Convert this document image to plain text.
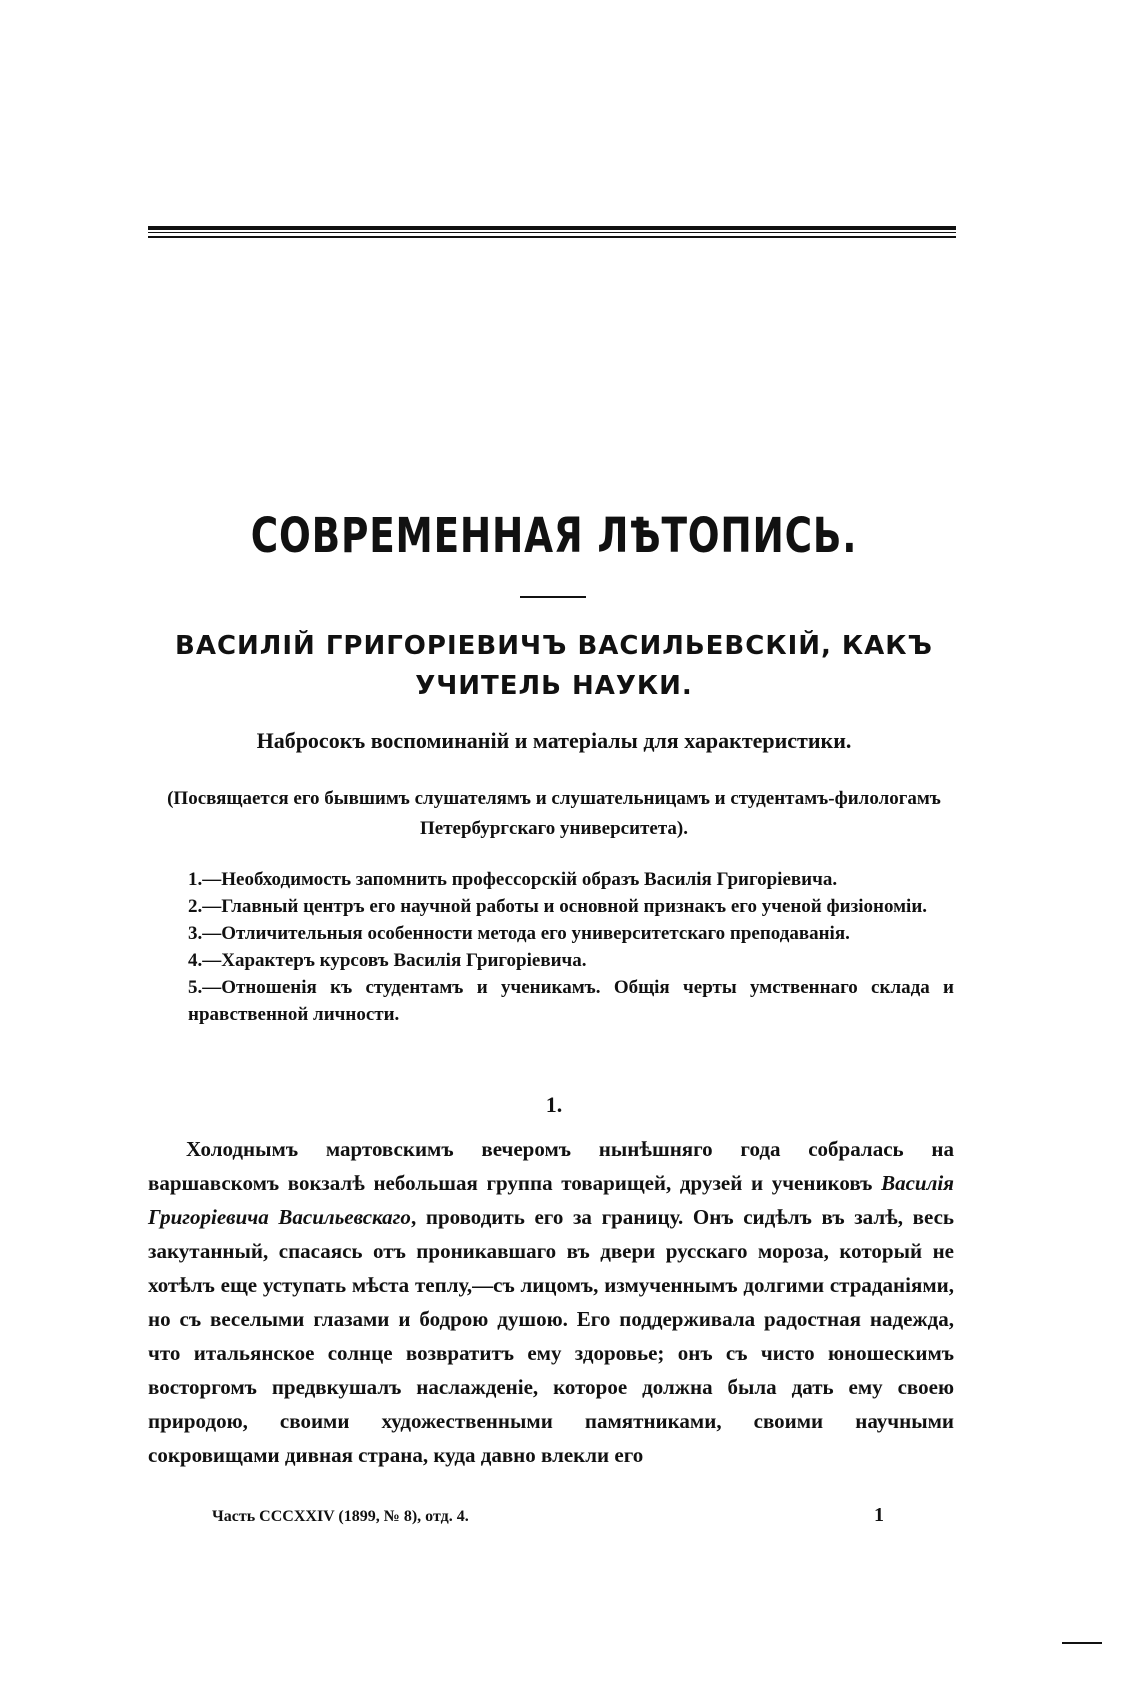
СОВРЕМЕННАЯ ЛѢТОПИСЬ.
ВАСИЛІЙ ГРИГОРІЕВИЧЪ ВАСИЛЬЕВСКІЙ, КАКЪ УЧИТЕЛЬ НАУКИ.
Набросокъ воспоминаній и матеріалы для характеристики.
(Посвящается его бывшимъ слушателямъ и слушательницамъ и студентамъ-филологамъ Петербургскаго университета).
1.—Необходимость запомнить профессорскій образъ Василія Григоріевича.
2.—Главный центръ его научной работы и основной признакъ его ученой физіономіи.
3.—Отличительныя особенности метода его университетскаго преподаванія.
4.—Характеръ курсовъ Василія Григоріевича.
5.—Отношенія къ студентамъ и ученикамъ. Общія черты умственнаго склада и нравственной личности.
1.
Холоднымъ мартовскимъ вечеромъ нынѣшняго года собралась на варшавскомъ вокзалѣ небольшая группа товарищей, друзей и учениковъ Василія Григоріевича Васильевскаго, проводить его за границу. Онъ сидѣлъ въ залѣ, весь закутанный, спасаясь отъ проникавшаго въ двери русскаго мороза, который не хотѣлъ еще уступать мѣста теплу,—съ лицомъ, измученнымъ долгими страданіями, но съ веселыми глазами и бодрою душою. Его поддерживала радостная надежда, что итальянское солнце возвратитъ ему здоровье; онъ съ чисто юношескимъ восторгомъ предвкушалъ наслажденіе, которое должна была дать ему своею природою, своими художественными памятниками, своими научными сокровищами дивная страна, куда давно влекли его
Часть CCCXXIV (1899, № 8), отд. 4.	1
